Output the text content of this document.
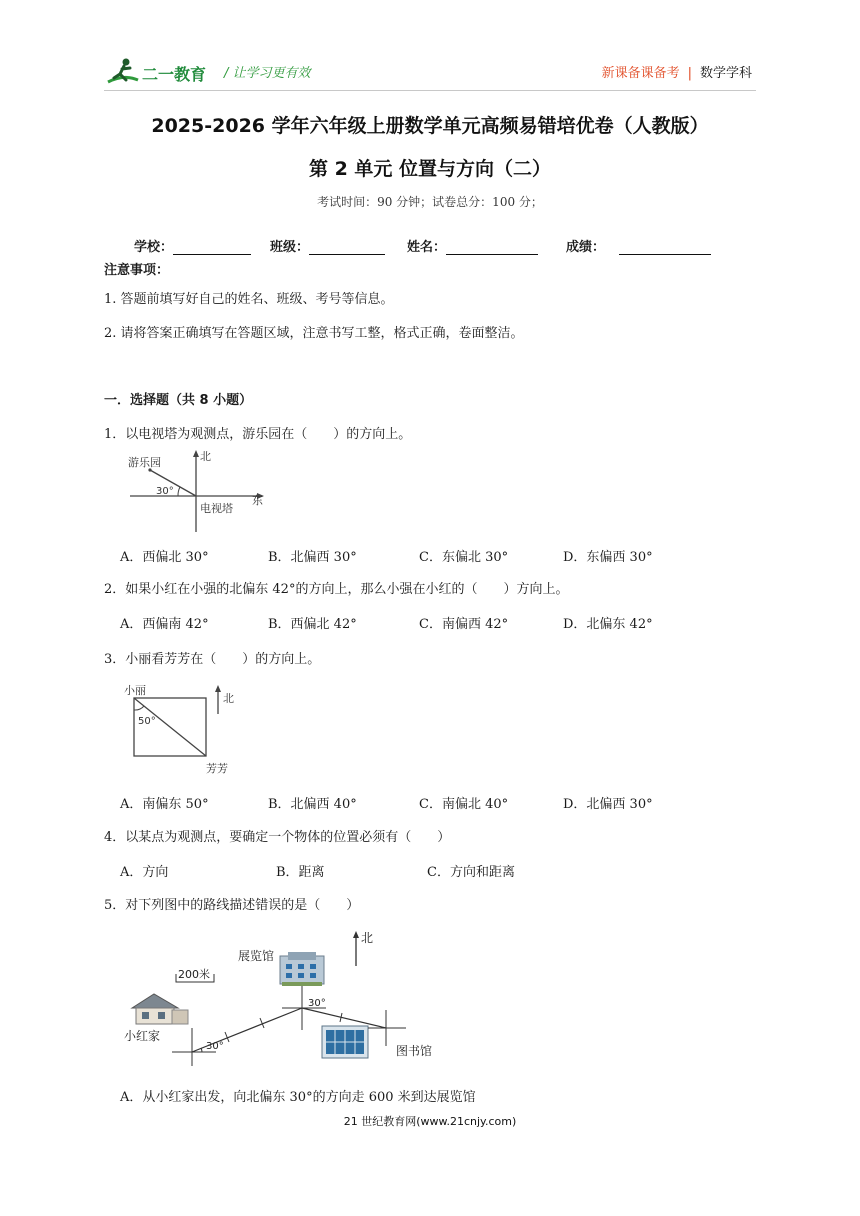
二一教育 / 让学习更有效	新课备课备考 | 数学学科
2025-2026 学年六年级上册数学单元高频易错培优卷（人教版）
第 2 单元 位置与方向（二）
考试时间：90 分钟；试卷总分：100 分；
学校：	班级：	姓名：	成绩：
注意事项：
1. 答题前填写好自己的姓名、班级、考号等信息。
2. 请将答案正确填写在答题区域，注意书写工整，格式正确，卷面整洁。
一．选择题（共 8 小题）
1．以电视塔为观测点，游乐园在（　　）的方向上。
游乐园	北
东
电视塔
30°
A．西偏北 30°	B．北偏西 30°	C．东偏北 30°	D．东偏西 30°
2．如果小红在小强的北偏东 42°的方向上，那么小强在小红的（　　）方向上。
A．西偏南 42°	B．西偏北 42°	C．南偏西 42°	D．北偏东 42°
3．小丽看芳芳在（　　）的方向上。
小丽
北
芳芳
50°
A．南偏东 50°	B．北偏西 40°	C．南偏北 40°	D．北偏西 30°
4．以某点为观测点，要确定一个物体的位置必须有（　　）
A．方向	B．距离	C．方向和距离
5．对下列图中的路线描述错误的是（　　）
北
200米
展览馆
小红家
图书馆
30°
30°
A．从小红家出发，向北偏东 30°的方向走 600 米到达展览馆
21 世纪教育网(www.21cnjy.com)
